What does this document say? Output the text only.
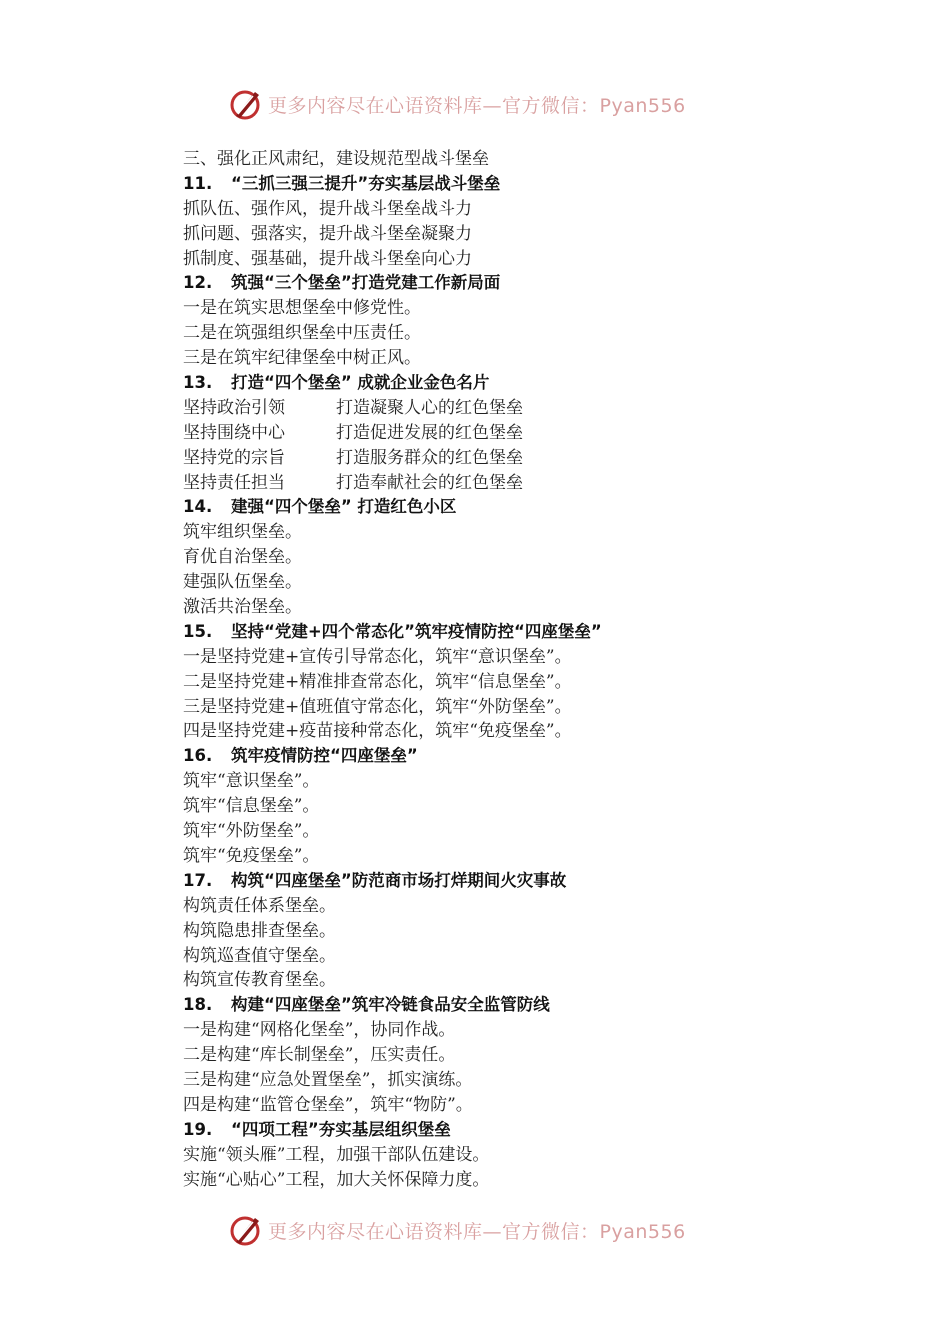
更多内容尽在心语资料库—官方微信：Pyan556
三、强化正风肃纪，建设规范型战斗堡垒
11. “三抓三强三提升”夯实基层战斗堡垒
抓队伍、强作风，提升战斗堡垒战斗力
抓问题、强落实，提升战斗堡垒凝聚力
抓制度、强基础，提升战斗堡垒向心力
12. 筑强“三个堡垒”打造党建工作新局面
一是在筑实思想堡垒中修党性。
二是在筑强组织堡垒中压责任。
三是在筑牢纪律堡垒中树正风。
13. 打造“四个堡垒” 成就企业金色名片
坚持政治引领	打造凝聚人心的红色堡垒
坚持围绕中心	打造促进发展的红色堡垒
坚持党的宗旨	打造服务群众的红色堡垒
坚持责任担当	打造奉献社会的红色堡垒
14. 建强“四个堡垒” 打造红色小区
筑牢组织堡垒。
育优自治堡垒。
建强队伍堡垒。
激活共治堡垒。
15. 坚持“党建+四个常态化”筑牢疫情防控“四座堡垒”
一是坚持党建+宣传引导常态化，筑牢“意识堡垒”。
二是坚持党建+精准排查常态化，筑牢“信息堡垒”。
三是坚持党建+值班值守常态化，筑牢“外防堡垒”。
四是坚持党建+疫苗接种常态化，筑牢“免疫堡垒”。
16. 筑牢疫情防控“四座堡垒”
筑牢“意识堡垒”。
筑牢“信息堡垒”。
筑牢“外防堡垒”。
筑牢“免疫堡垒”。
17. 构筑“四座堡垒”防范商市场打烊期间火灾事故
构筑责任体系堡垒。
构筑隐患排查堡垒。
构筑巡查值守堡垒。
构筑宣传教育堡垒。
18. 构建“四座堡垒”筑牢冷链食品安全监管防线
一是构建“网格化堡垒”，协同作战。
二是构建“库长制堡垒”，压实责任。
三是构建“应急处置堡垒”，抓实演练。
四是构建“监管仓堡垒”，筑牢“物防”。
19. “四项工程”夯实基层组织堡垒
实施“领头雁”工程，加强干部队伍建设。
实施“心贴心”工程，加大关怀保障力度。
更多内容尽在心语资料库—官方微信：Pyan556
